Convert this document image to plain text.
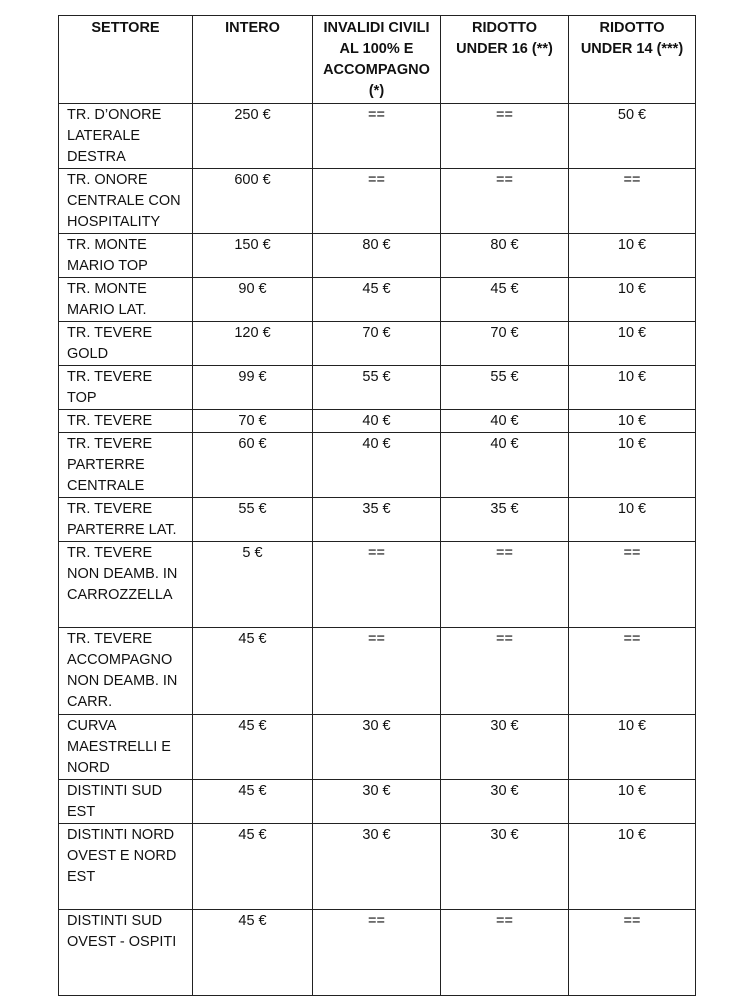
SETTORE	INTERO	INVALIDI CIVILI AL 100% E ACCOMPAGNO (*)	RIDOTTO UNDER 16 (**)	RIDOTTO UNDER 14 (***)
TR. D’ONORE LATERALE DESTRA	250 €	==	==	50 €
TR. ONORE CENTRALE CON HOSPITALITY	600 €	==	==	==
TR. MONTE MARIO TOP	150 €	80 €	80 €	10 €
TR. MONTE MARIO LAT.	90 €	45 €	45 €	10 €
TR. TEVERE GOLD	120 €	70 €	70 €	10 €
TR. TEVERE TOP	99 €	55 €	55 €	10 €
TR. TEVERE	70 €	40 €	40 €	10 €
TR. TEVERE PARTERRE CENTRALE	60 €	40 €	40 €	10 €
TR. TEVERE PARTERRE LAT.	55 €	35 €	35 €	10 €
TR. TEVERE NON DEAMB. IN CARROZZELLA	5 €	==	==	==
TR. TEVERE ACCOMPAGNO NON DEAMB. IN CARR.	45 €	==	==	==
CURVA MAESTRELLI E NORD	45 €	30 €	30 €	10 €
DISTINTI SUD EST	45 €	30 €	30 €	10 €
DISTINTI NORD OVEST E NORD EST	45 €	30 €	30 €	10 €
DISTINTI SUD OVEST - OSPITI	45 €	==	==	==
